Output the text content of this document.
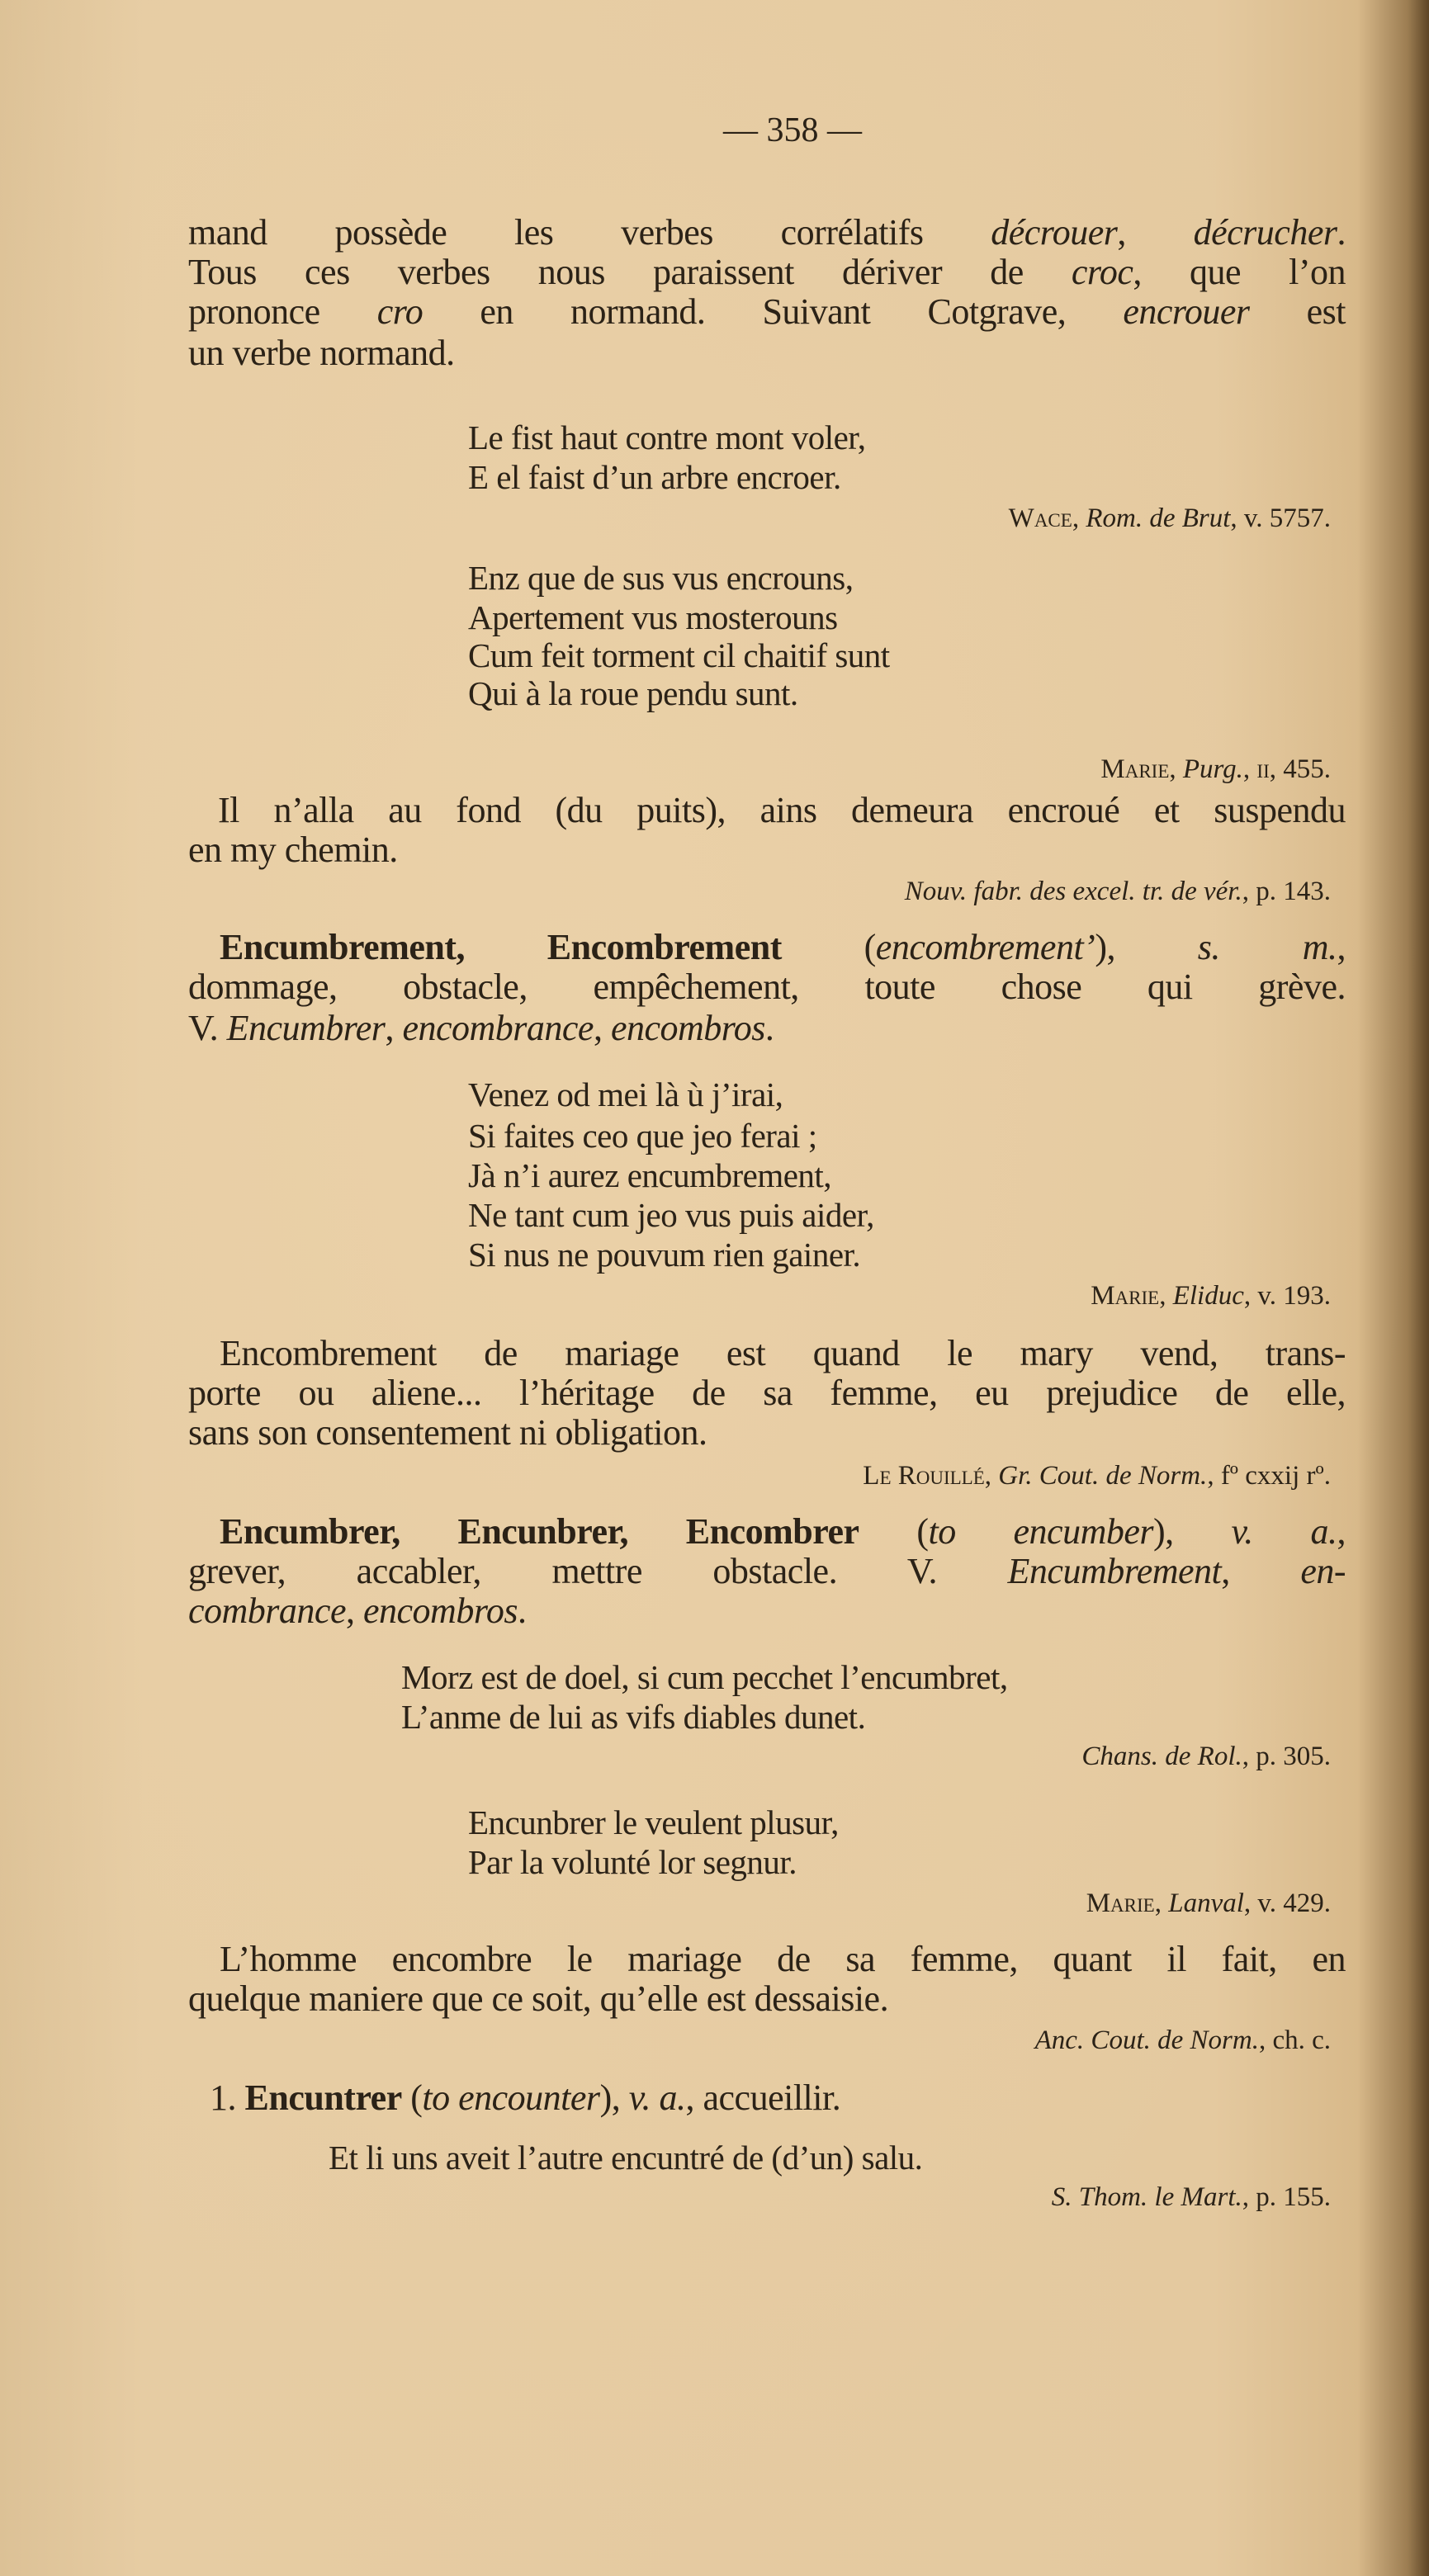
— 358 —
mand possède les verbes corrélatifs décrouer, décrucher.
Tous ces verbes nous paraissent dériver de croc, que l’on
prononce cro en normand. Suivant Cotgrave, encrouer est
un verbe normand.
Le fist haut contre mont voler,
E el faist d’un arbre encroer.
Wace, Rom. de Brut, v. 5757.
Enz que de sus vus encrouns,
Apertement vus mosterouns
Cum feit torment cil chaitif sunt
Qui à la roue pendu sunt.
Marie, Purg., ii, 455.
Il n’alla au fond (du puits), ains demeura encroué et suspendu
en my chemin.
Nouv. fabr. des excel. tr. de vér., p. 143.
Encumbrement, Encombrement (encombrement’), s. m.,
dommage, obstacle, empêchement, toute chose qui grève.
V. Encumbrer, encombrance, encombros.
Venez od mei là ù j’irai,
Si faites ceo que jeo ferai ;
Jà n’i aurez encumbrement,
Ne tant cum jeo vus puis aider,
Si nus ne pouvum rien gainer.
Marie, Eliduc, v. 193.
Encombrement de mariage est quand le mary vend, trans-
porte ou aliene... l’héritage de sa femme, eu prejudice de elle,
sans son consentement ni obligation.
Le Rouillé, Gr. Cout. de Norm., fº cxxij rº.
Encumbrer, Encunbrer, Encombrer (to encumber), v. a.,
grever, accabler, mettre obstacle. V. Encumbrement, en-
combrance, encombros.
Morz est de doel, si cum pecchet l’encumbret,
L’anme de lui as vifs diables dunet.
Chans. de Rol., p. 305.
Encunbrer le veulent plusur,
Par la volunté lor segnur.
Marie, Lanval, v. 429.
L’homme encombre le mariage de sa femme, quant il fait, en
quelque maniere que ce soit, qu’elle est dessaisie.
Anc. Cout. de Norm., ch. c.
1. Encuntrer (to encounter), v. a., accueillir.
Et li uns aveit l’autre encuntré de (d’un) salu.
S. Thom. le Mart., p. 155.
